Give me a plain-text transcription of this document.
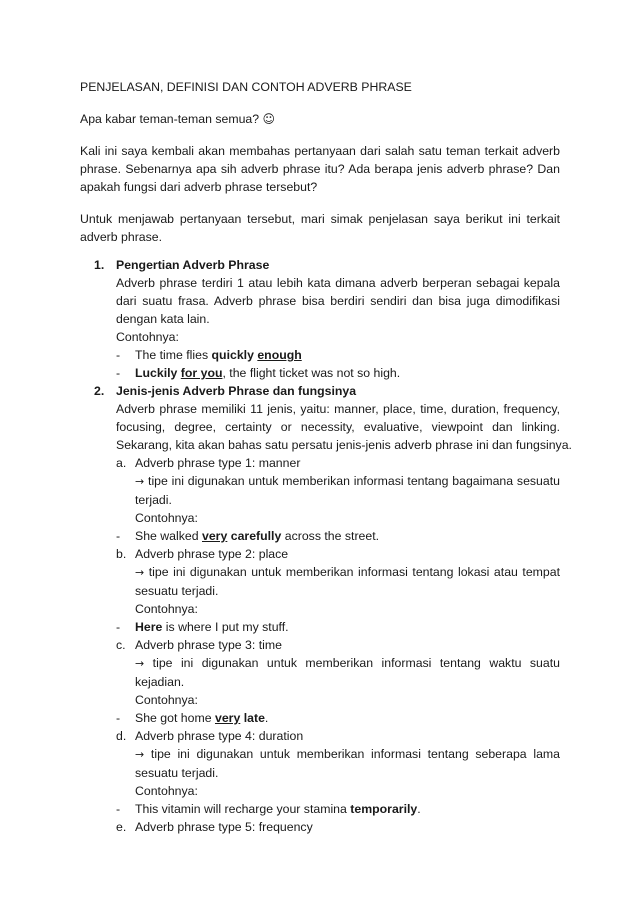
PENJELASAN, DEFINISI DAN CONTOH ADVERB PHRASE

Apa kabar teman-teman semua? ☺

Kali ini saya kembali akan membahas pertanyaan dari salah satu teman terkait adverb

phrase. Sebenarnya apa sih adverb phrase itu? Ada berapa jenis adverb phrase? Dan

apakah fungsi dari adverb phrase tersebut?

Untuk menjawab pertanyaan tersebut, mari simak penjelasan saya berikut ini terkait

adverb phrase.

1. Pengertian Adverb Phrase

Adverb phrase terdiri 1 atau lebih kata dimana adverb berperan sebagai kepala

dari suatu frasa. Adverb phrase bisa berdiri sendiri dan bisa juga dimodifikasi

dengan kata lain.

Contohnya:

- The time flies quickly enough

- Luckily for you, the flight ticket was not so high.

2. Jenis-jenis Adverb Phrase dan fungsinya

Adverb phrase memiliki 11 jenis, yaitu: manner, place, time, duration, frequency,

focusing, degree, certainty or necessity, evaluative, viewpoint dan linking.

Sekarang, kita akan bahas satu persatu jenis-jenis adverb phrase ini dan fungsinya.

a. Adverb phrase type 1: manner

→ tipe ini digunakan untuk memberikan informasi tentang bagaimana sesuatu

terjadi.

Contohnya:

- She walked very carefully across the street.

b. Adverb phrase type 2: place

→ tipe ini digunakan untuk memberikan informasi tentang lokasi atau tempat

sesuatu terjadi.

Contohnya:

- Here is where I put my stuff.

c. Adverb phrase type 3: time

→ tipe ini digunakan untuk memberikan informasi tentang waktu suatu

kejadian.

Contohnya:

- She got home very late.

d. Adverb phrase type 4: duration

→ tipe ini digunakan untuk memberikan informasi tentang seberapa lama

sesuatu terjadi.

Contohnya:

- This vitamin will recharge your stamina temporarily.

e. Adverb phrase type 5: frequency
